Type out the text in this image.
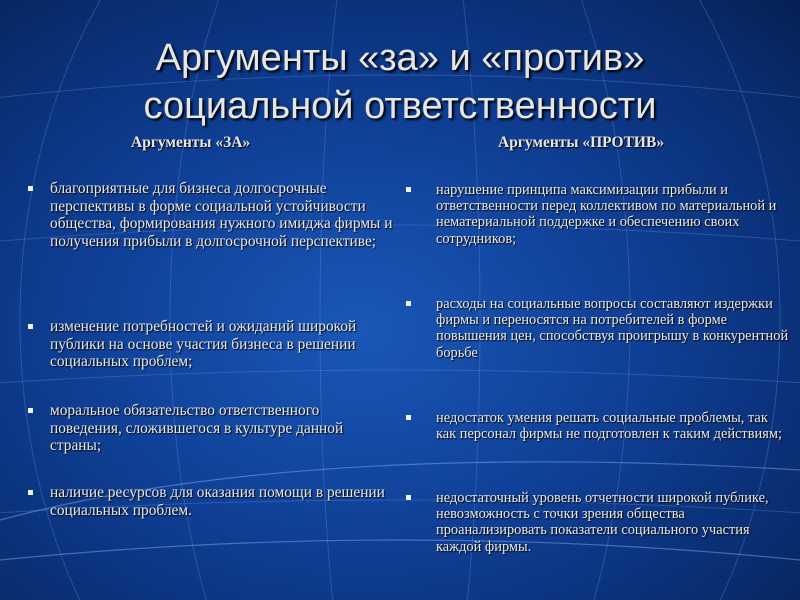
Аргументы «за» и «против»
социальной ответственности
Аргументы «ЗА»	Аргументы «ПРОТИВ»
благоприятные для бизнеса долгосрочные перспективы в форме социальной устойчивости общества, формирования нужного имиджа фирмы и получения прибыли в долгосрочной перспективе;
изменение потребностей и ожиданий широкой публики на основе участия бизнеса в решении социальных проблем;
моральное обязательство ответственного поведения, сложившегося в культуре данной страны;
наличие ресурсов для оказания помощи в решении социальных проблем.
нарушение принципа максимизации прибыли и ответственности перед коллективом по материальной и нематериальной поддержке и обеспечению своих сотрудников;
расходы на социальные вопросы составляют издержки фирмы и переносятся на потребителей в форме повышения цен, способствуя проигрышу в конкурентной борьбе
недостаток умения решать социальные проблемы, так как персонал фирмы не подготовлен к таким действиям;
недостаточный уровень отчетности широкой публике, невозможность с точки зрения общества проанализировать показатели социального участия каждой фирмы.
